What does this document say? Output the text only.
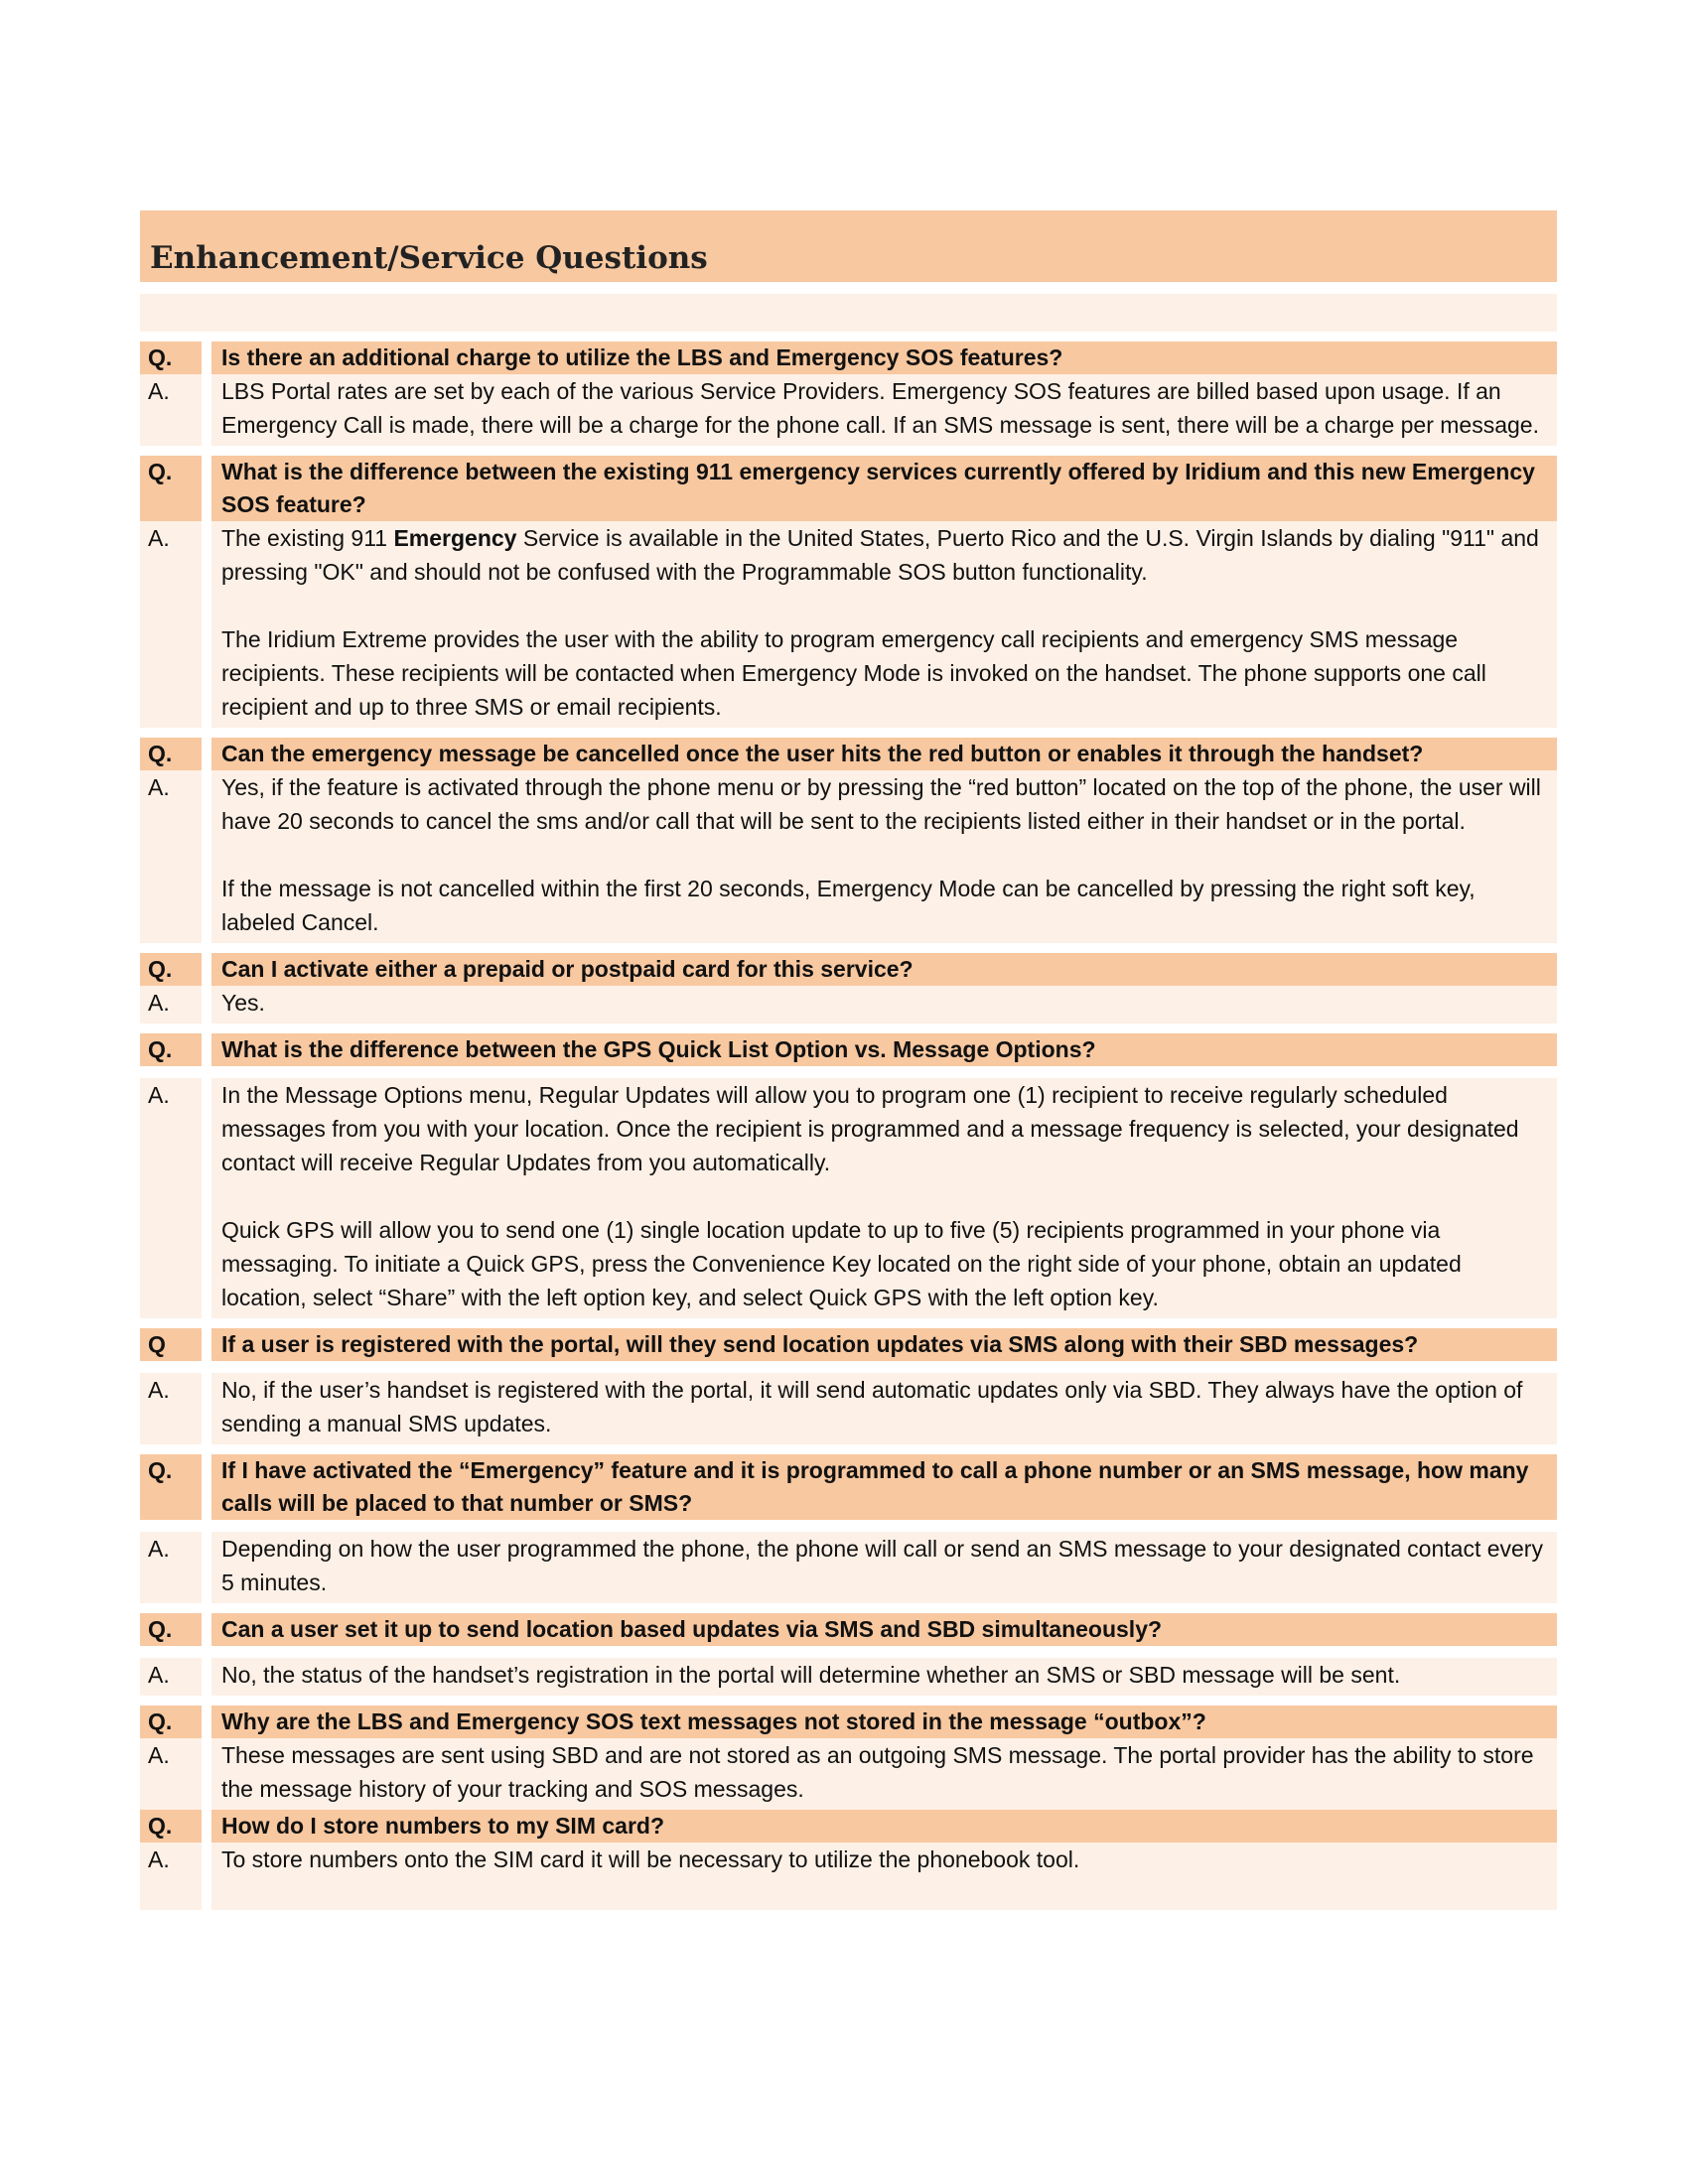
Enhancement/Service Questions
Q.	Is there an additional charge to utilize the LBS and Emergency SOS features?
A.	LBS Portal rates are set by each of the various Service Providers. Emergency SOS features are billed based upon usage. If an Emergency Call is made, there will be a charge for the phone call. If an SMS message is sent, there will be a charge per message.

Q.	What is the difference between the existing 911 emergency services currently offered by Iridium and this new Emergency SOS feature?
A.	The existing 911 Emergency Service is available in the United States, Puerto Rico and the U.S. Virgin Islands by dialing "911" and pressing "OK" and should not be confused with the Programmable SOS button functionality.

The Iridium Extreme provides the user with the ability to program emergency call recipients and emergency SMS message recipients. These recipients will be contacted when Emergency Mode is invoked on the handset. The phone supports one call recipient and up to three SMS or email recipients.

Q.	Can the emergency message be cancelled once the user hits the red button or enables it through the handset?
A.	Yes, if the feature is activated through the phone menu or by pressing the “red button” located on the top of the phone, the user will have 20 seconds to cancel the sms and/or call that will be sent to the recipients listed either in their handset or in the portal.

If the message is not cancelled within the first 20 seconds, Emergency Mode can be cancelled by pressing the right soft key, labeled Cancel.

Q.	Can I activate either a prepaid or postpaid card for this service?
A.	Yes.

Q.	What is the difference between the GPS Quick List Option vs. Message Options?
A.	In the Message Options menu, Regular Updates will allow you to program one (1) recipient to receive regularly scheduled messages from you with your location. Once the recipient is programmed and a message frequency is selected, your designated contact will receive Regular Updates from you automatically.

Quick GPS will allow you to send one (1) single location update to up to five (5) recipients programmed in your phone via messaging. To initiate a Quick GPS, press the Convenience Key located on the right side of your phone, obtain an updated location, select “Share” with the left option key, and select Quick GPS with the left option key.

Q	If a user is registered with the portal, will they send location updates via SMS along with their SBD messages?
A.	No, if the user’s handset is registered with the portal, it will send automatic updates only via SBD. They always have the option of sending a manual SMS updates.

Q.	If I have activated the “Emergency” feature and it is programmed to call a phone number or an SMS message, how many calls will be placed to that number or SMS?
A.	Depending on how the user programmed the phone, the phone will call or send an SMS message to your designated contact every 5 minutes.

Q.	Can a user set it up to send location based updates via SMS and SBD simultaneously?
A.	No, the status of the handset’s registration in the portal will determine whether an SMS or SBD message will be sent.

Q.	Why are the LBS and Emergency SOS text messages not stored in the message “outbox”?
A.	These messages are sent using SBD and are not stored as an outgoing SMS message. The portal provider has the ability to store the message history of your tracking and SOS messages.

Q.	How do I store numbers to my SIM card?
A.	To store numbers onto the SIM card it will be necessary to utilize the phonebook tool.
